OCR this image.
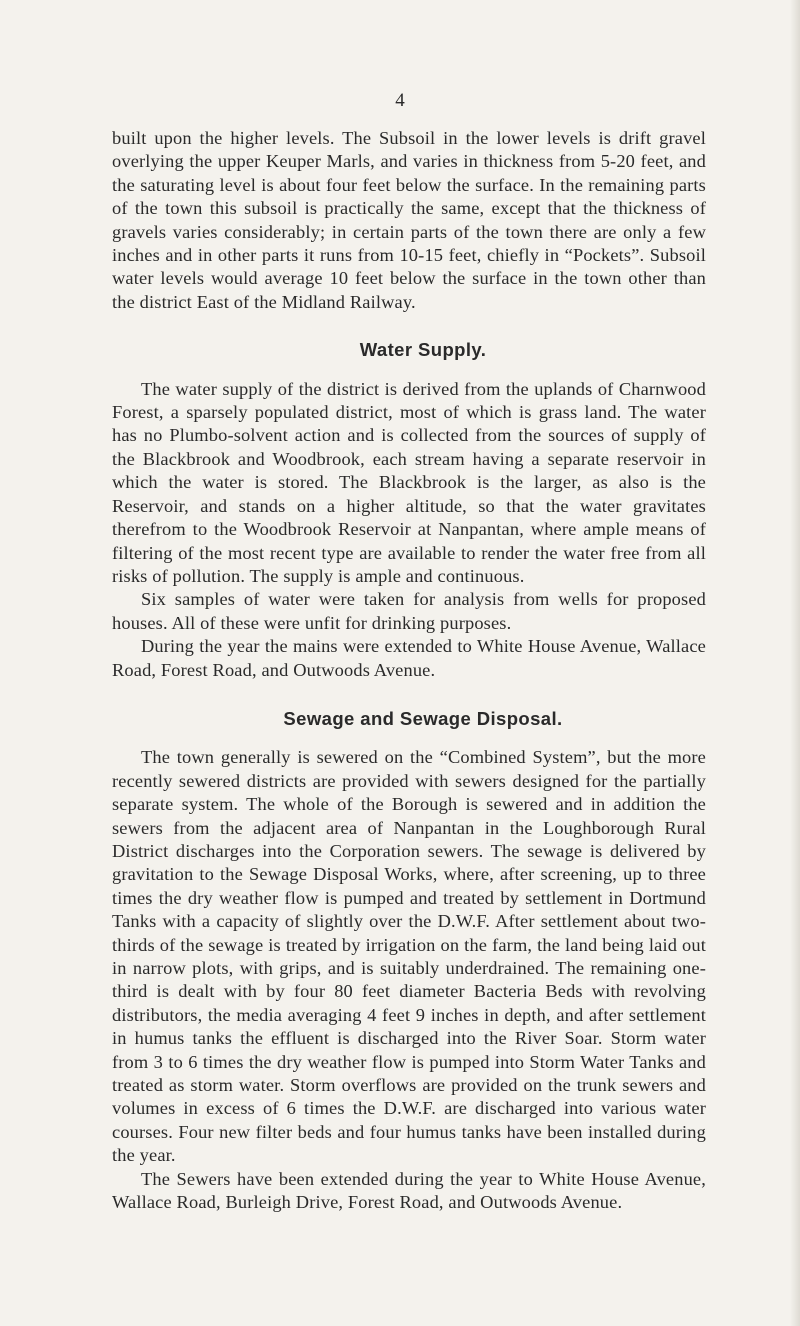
4

built upon the higher levels. The Subsoil in the lower levels is drift gravel overlying the upper Keuper Marls, and varies in thickness from 5-20 feet, and the saturating level is about four feet below the surface. In the remaining parts of the town this subsoil is practically the same, except that the thickness of gravels varies considerably; in certain parts of the town there are only a few inches and in other parts it runs from 10-15 feet, chiefly in “Pockets”. Subsoil water levels would average 10 feet below the surface in the town other than the district East of the Midland Railway.

Water Supply.

The water supply of the district is derived from the uplands of Charnwood Forest, a sparsely populated district, most of which is grass land. The water has no Plumbo-solvent action and is collected from the sources of supply of the Blackbrook and Woodbrook, each stream having a separate reservoir in which the water is stored. The Blackbrook is the larger, as also is the Reservoir, and stands on a higher altitude, so that the water gravitates therefrom to the Woodbrook Reservoir at Nanpantan, where ample means of filtering of the most recent type are available to render the water free from all risks of pollution. The supply is ample and continuous.

Six samples of water were taken for analysis from wells for proposed houses. All of these were unfit for drinking purposes.

During the year the mains were extended to White House Avenue, Wallace Road, Forest Road, and Outwoods Avenue.

Sewage and Sewage Disposal.

The town generally is sewered on the “Combined System”, but the more recently sewered districts are provided with sewers designed for the partially separate system. The whole of the Borough is sewered and in addition the sewers from the adjacent area of Nanpantan in the Loughborough Rural District discharges into the Corporation sewers. The sewage is delivered by gravitation to the Sewage Disposal Works, where, after screening, up to three times the dry weather flow is pumped and treated by settlement in Dortmund Tanks with a capacity of slightly over the D.W.F. After settlement about two-thirds of the sewage is treated by irrigation on the farm, the land being laid out in narrow plots, with grips, and is suitably underdrained. The remaining one-third is dealt with by four 80 feet diameter Bacteria Beds with revolving distributors, the media averaging 4 feet 9 inches in depth, and after settlement in humus tanks the effluent is discharged into the River Soar. Storm water from 3 to 6 times the dry weather flow is pumped into Storm Water Tanks and treated as storm water. Storm overflows are provided on the trunk sewers and volumes in excess of 6 times the D.W.F. are discharged into various water courses. Four new filter beds and four humus tanks have been installed during the year.

The Sewers have been extended during the year to White House Avenue, Wallace Road, Burleigh Drive, Forest Road, and Outwoods Avenue.
